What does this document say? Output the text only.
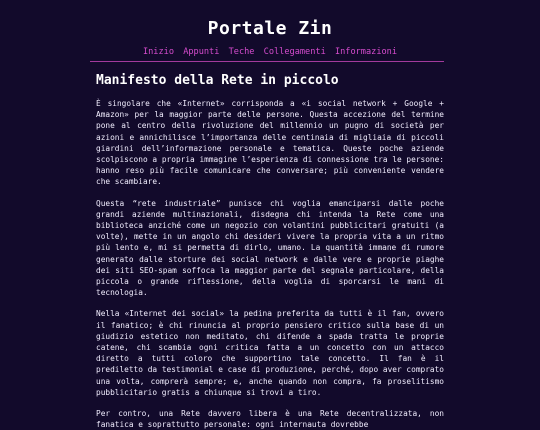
Portale Zin
Inizio Appunti Teche Collegamenti Informazioni
Manifesto della Rete in piccolo

È singolare che «Internet» corrisponda a «i social network + Google + Amazon» per la maggior parte delle persone. Questa accezione del termine pone al centro della rivoluzione del millennio un pugno di società per azioni e annichilisce l’importanza delle centinaia di migliaia di piccoli giardini dell’informazione personale e tematica. Queste poche aziende scolpiscono a propria immagine l’esperienza di connessione tra le persone: hanno reso più facile comunicare che conversare; più conveniente vendere che scambiare.

Questa “rete industriale” punisce chi voglia emanciparsi dalle poche grandi aziende multinazionali, disdegna chi intenda la Rete come una biblioteca anziché come un negozio con volantini pubblicitari gratuiti (a volte), mette in un angolo chi desideri vivere la propria vita a un ritmo più lento e, mi si permetta di dirlo, umano. La quantità immane di rumore generato dalle storture dei social network e dalle vere e proprie piaghe dei siti SEO-spam soffoca la maggior parte del segnale particolare, della piccola o grande riflessione, della voglia di sporcarsi le mani di tecnologia.

Nella «Internet dei social» la pedina preferita da tutti è il fan, ovvero il fanatico; è chi rinuncia al proprio pensiero critico sulla base di un giudizio estetico non meditato, chi difende a spada tratta le proprie catene, chi scambia ogni critica fatta a un concetto con un attacco diretto a tutti coloro che supportino tale concetto. Il fan è il prediletto da testimonial e case di produzione, perché, dopo aver comprato una volta, comprerà sempre; e, anche quando non compra, fa proselitismo pubblicitario gratis a chiunque si trovi a tiro.

Per contro, una Rete davvero libera è una Rete decentralizzata, non fanatica e soprattutto personale: ogni internauta dovrebbe
